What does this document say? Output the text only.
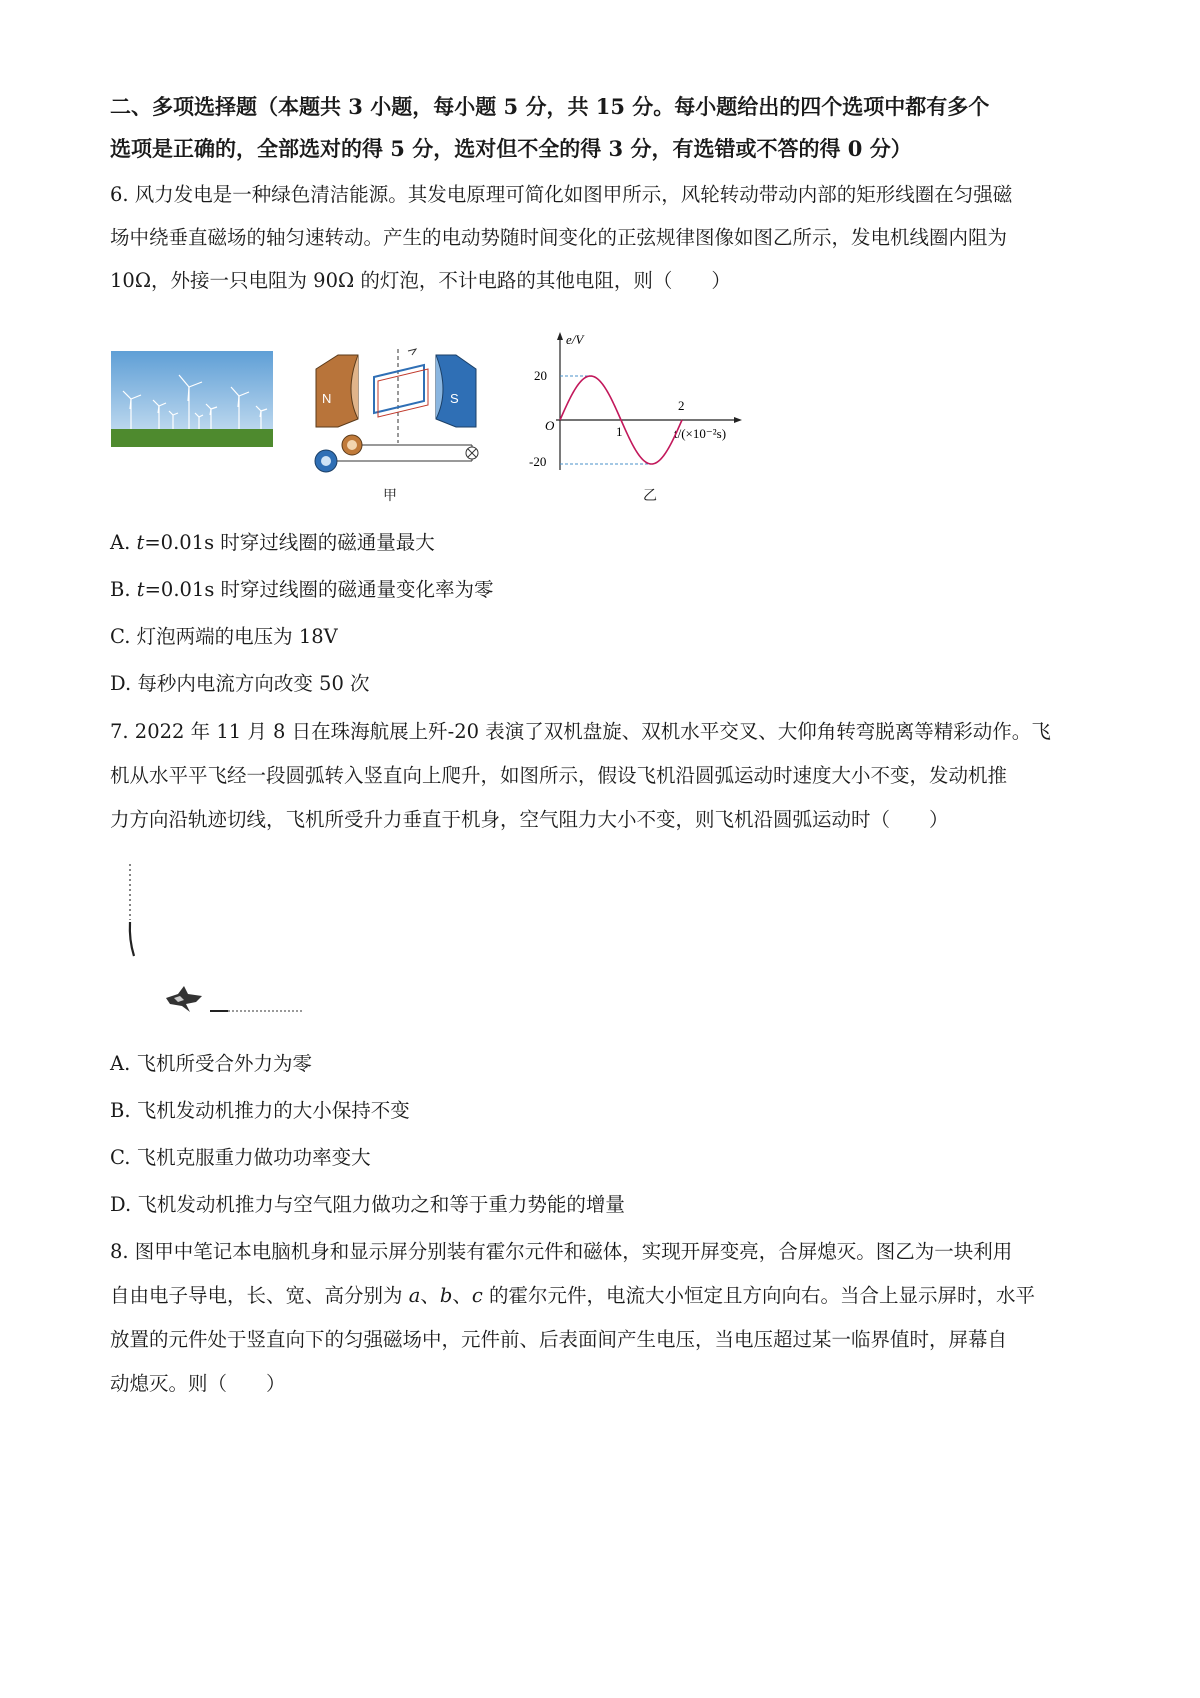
二、多项选择题（本题共 3 小题，每小题 5 分，共 15 分。每小题给出的四个选项中都有多个
选项是正确的，全部选对的得 5 分，选对但不全的得 3 分，有选错或不答的得 0 分）
6. 风力发电是一种绿色清洁能源。其发电原理可简化如图甲所示，风轮转动带动内部的矩形线圈在匀强磁
场中绕垂直磁场的轴匀速转动。产生的电动势随时间变化的正弦规律图像如图乙所示，发电机线圈内阻为
10Ω，外接一只电阻为 90Ω 的灯泡，不计电路的其他电阻，则（　　）
N	S
甲
e/V
t/(×10⁻²s)
O
20
-20
1
2
乙
A. t=0.01s 时穿过线圈的磁通量最大
B. t=0.01s 时穿过线圈的磁通量变化率为零
C. 灯泡两端的电压为 18V
D. 每秒内电流方向改变 50 次
7. 2022 年 11 月 8 日在珠海航展上歼-20 表演了双机盘旋、双机水平交叉、大仰角转弯脱离等精彩动作。飞
机从水平平飞经一段圆弧转入竖直向上爬升，如图所示，假设飞机沿圆弧运动时速度大小不变，发动机推
力方向沿轨迹切线，飞机所受升力垂直于机身，空气阻力大小不变，则飞机沿圆弧运动时（　　）
A. 飞机所受合外力为零
B. 飞机发动机推力的大小保持不变
C. 飞机克服重力做功功率变大
D. 飞机发动机推力与空气阻力做功之和等于重力势能的增量
8. 图甲中笔记本电脑机身和显示屏分别装有霍尔元件和磁体，实现开屏变亮，合屏熄灭。图乙为一块利用
自由电子导电，长、宽、高分别为 a、b、c 的霍尔元件，电流大小恒定且方向向右。当合上显示屏时，水平
放置的元件处于竖直向下的匀强磁场中，元件前、后表面间产生电压，当电压超过某一临界值时，屏幕自
动熄灭。则（　　）
